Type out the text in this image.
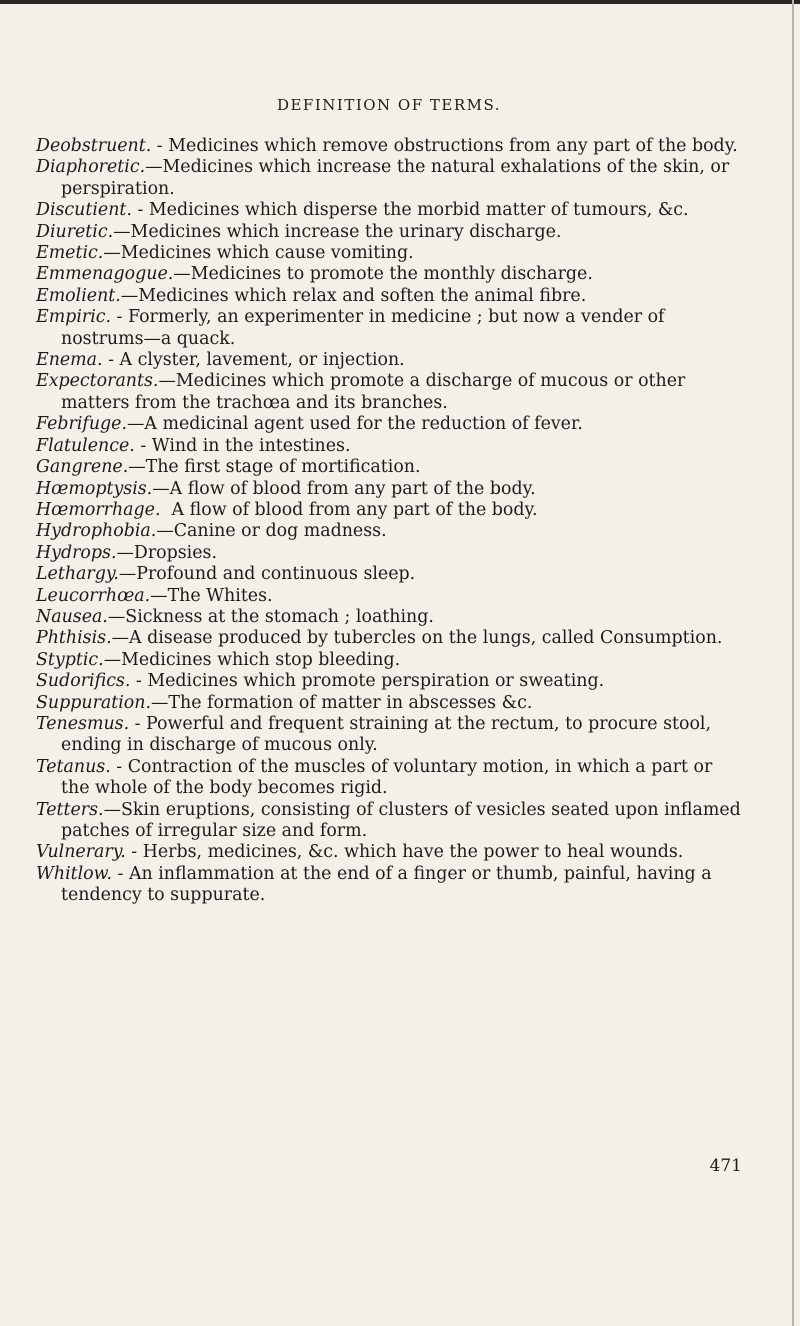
DEFINITION OF TERMS.
Deobstruent. - Medicines which remove obstructions from any part of the body.
Diaphoretic.—Medicines which increase the natural exhalations of the skin, or perspiration.
Discutient. - Medicines which disperse the morbid matter of tumours, &c.
Diuretic.—Medicines which increase the urinary discharge.
Emetic.—Medicines which cause vomiting.
Emmenagogue.—Medicines to promote the monthly discharge.
Emolient.—Medicines which relax and soften the animal fibre.
Empiric. - Formerly, an experimenter in medicine ; but now a vender of nostrums—a quack.
Enema. - A clyster, lavement, or injection.
Expectorants.—Medicines which promote a discharge of mucous or other matters from the trachœa and its branches.
Febrifuge.—A medicinal agent used for the reduction of fever.
Flatulence. - Wind in the intestines.
Gangrene.—The first stage of mortification.
Hœmoptysis.—A flow of blood from any part of the body.
Hœmorrhage. A flow of blood from any part of the body.
Hydrophobia.—Canine or dog madness.
Hydrops.—Dropsies.
Lethargy.—Profound and continuous sleep.
Leucorrhœa.—The Whites.
Nausea.—Sickness at the stomach ; loathing.
Phthisis.—A disease produced by tubercles on the lungs, called Consumption.
Styptic.—Medicines which stop bleeding.
Sudorifics. - Medicines which promote perspiration or sweating.
Suppuration.—The formation of matter in abscesses &c.
Tenesmus. - Powerful and frequent straining at the rectum, to procure stool, ending in discharge of mucous only.
Tetanus. - Contraction of the muscles of voluntary motion, in which a part or the whole of the body becomes rigid.
Tetters.—Skin eruptions, consisting of clusters of vesicles seated upon inflamed patches of irregular size and form.
Vulnerary. - Herbs, medicines, &c. which have the power to heal wounds.
Whitlow. - An inflammation at the end of a finger or thumb, painful, having a tendency to suppurate.
471
